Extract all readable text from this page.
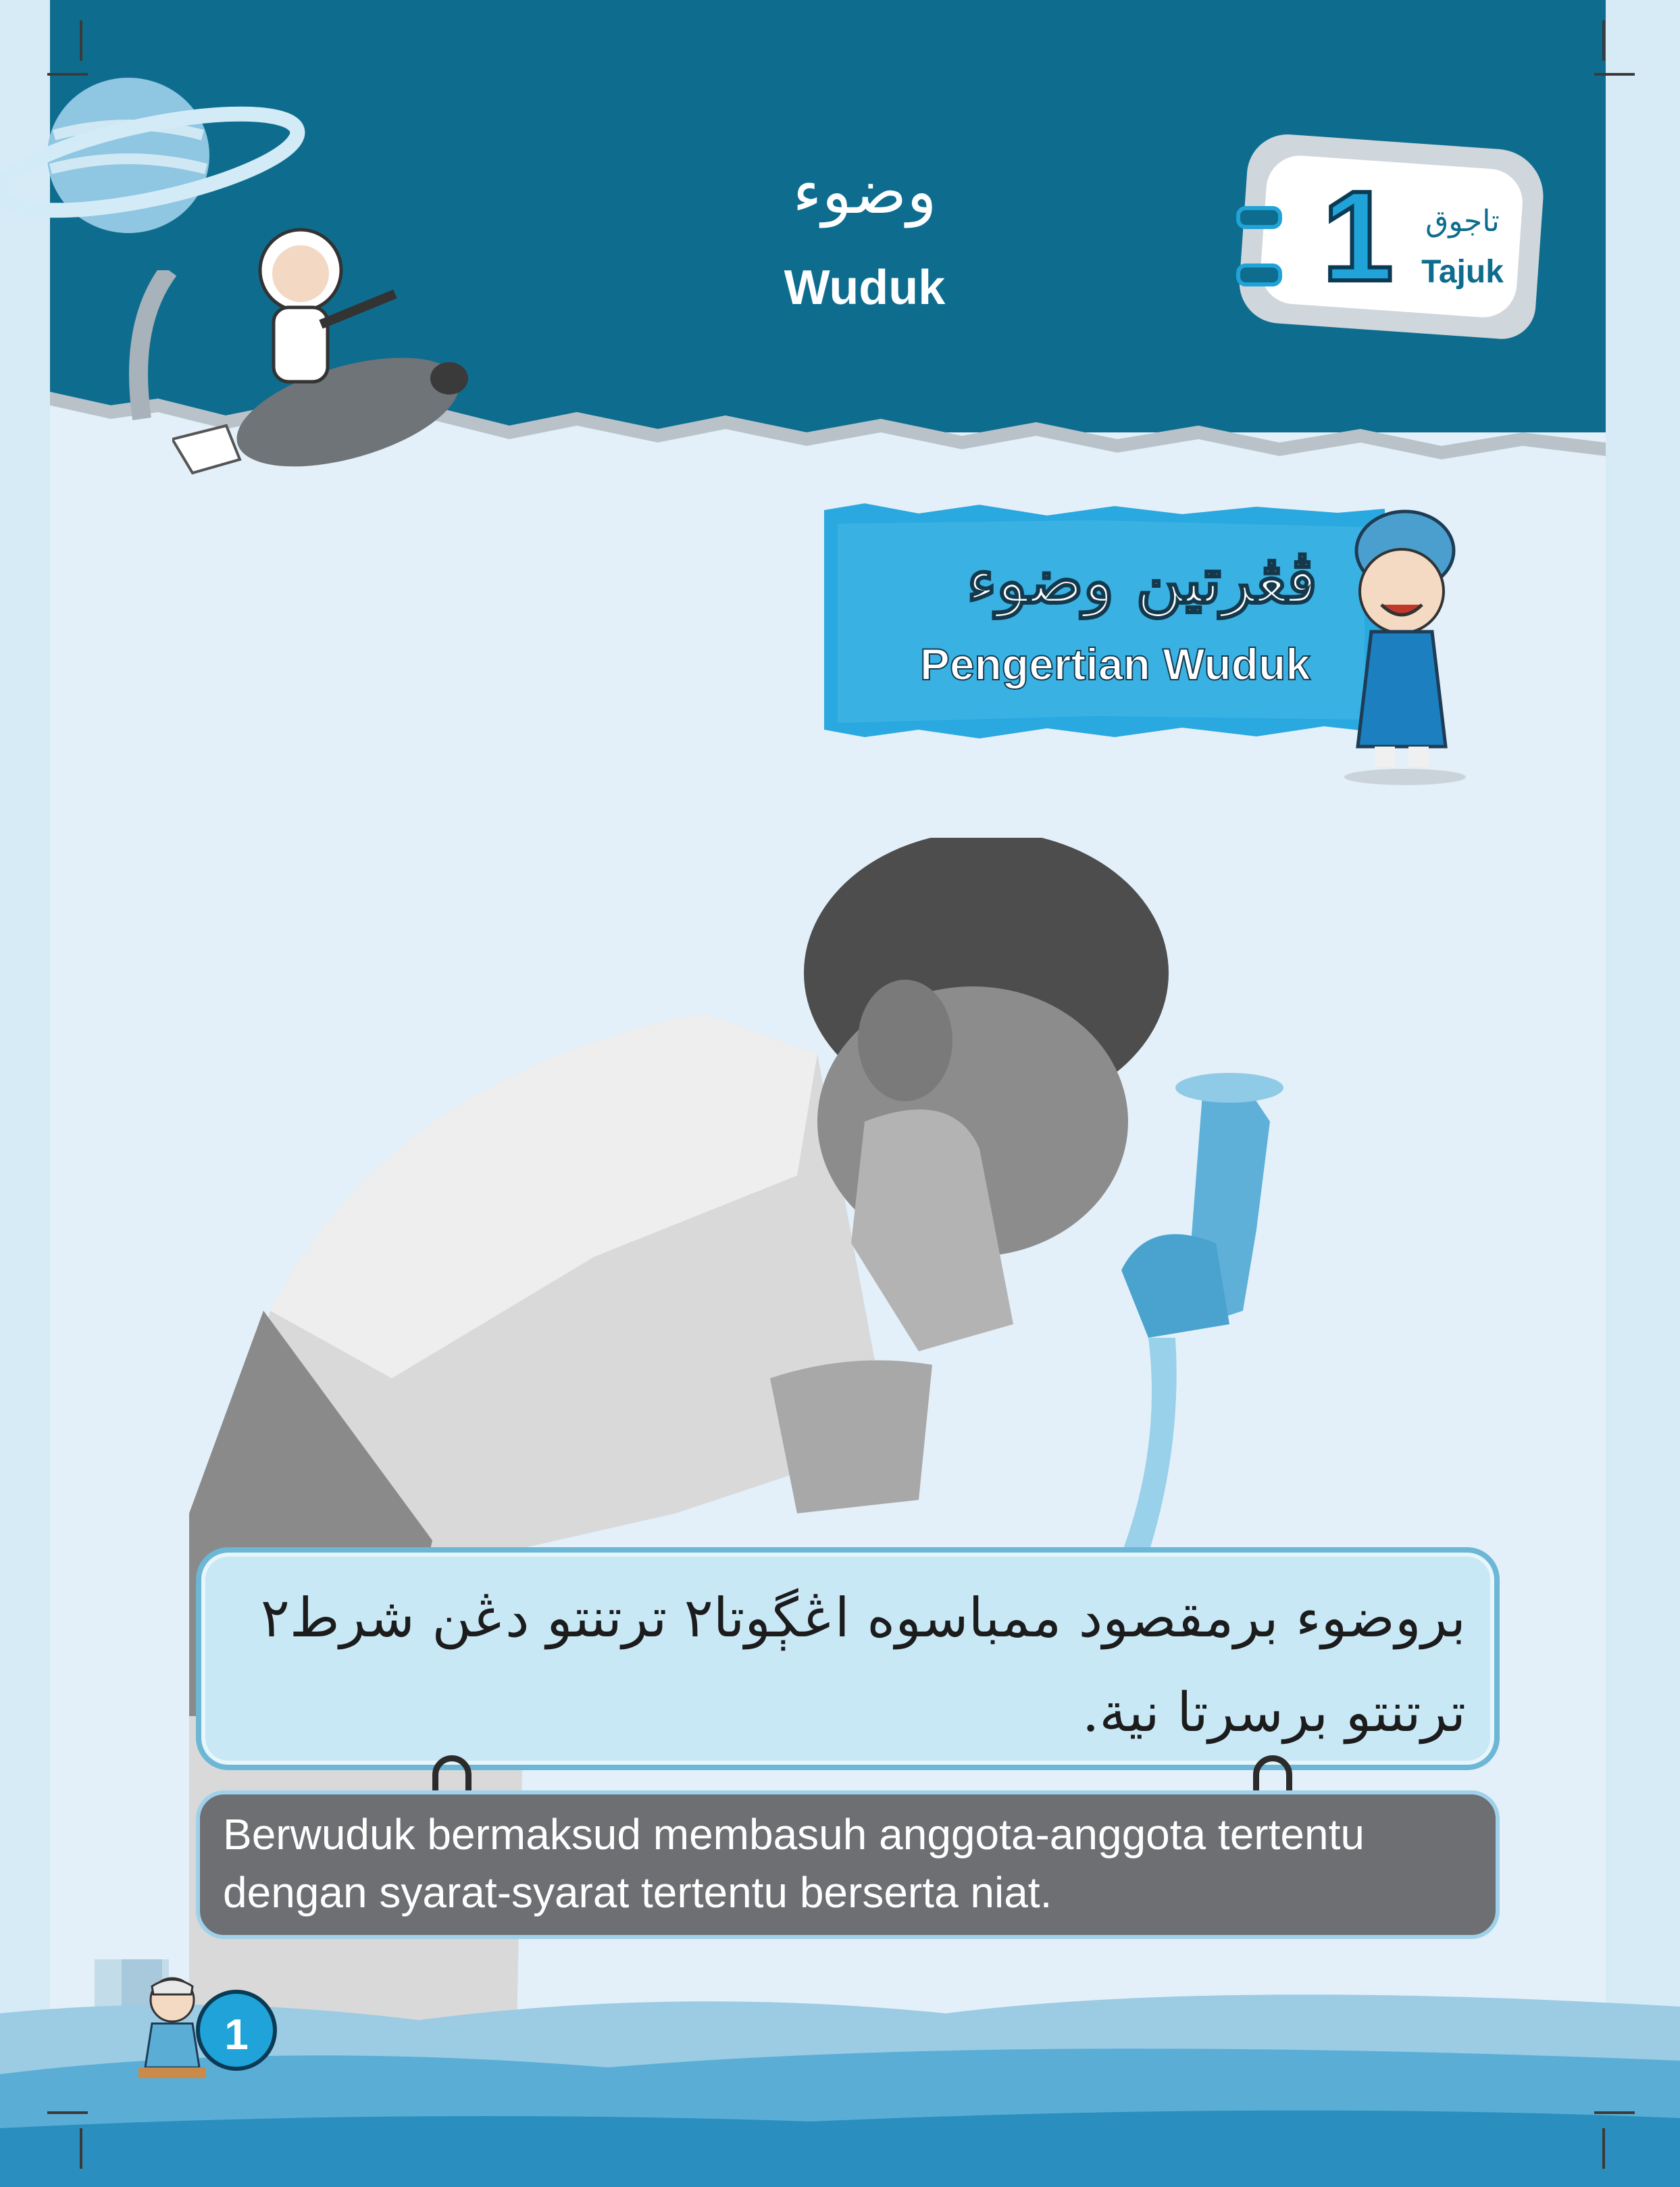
وضوء
Wuduk	1	تاجوق
Tajuk
ڤڠرتين وضوء
Pengertian Wuduk
بروضوء برمقصود ممباسوه اڠڳوتا٢ ترتنتو دڠن شرط٢
ترتنتو برسرتا نية.
Berwuduk bermaksud membasuh anggota-anggota tertentu
dengan syarat-syarat tertentu berserta niat.
1
